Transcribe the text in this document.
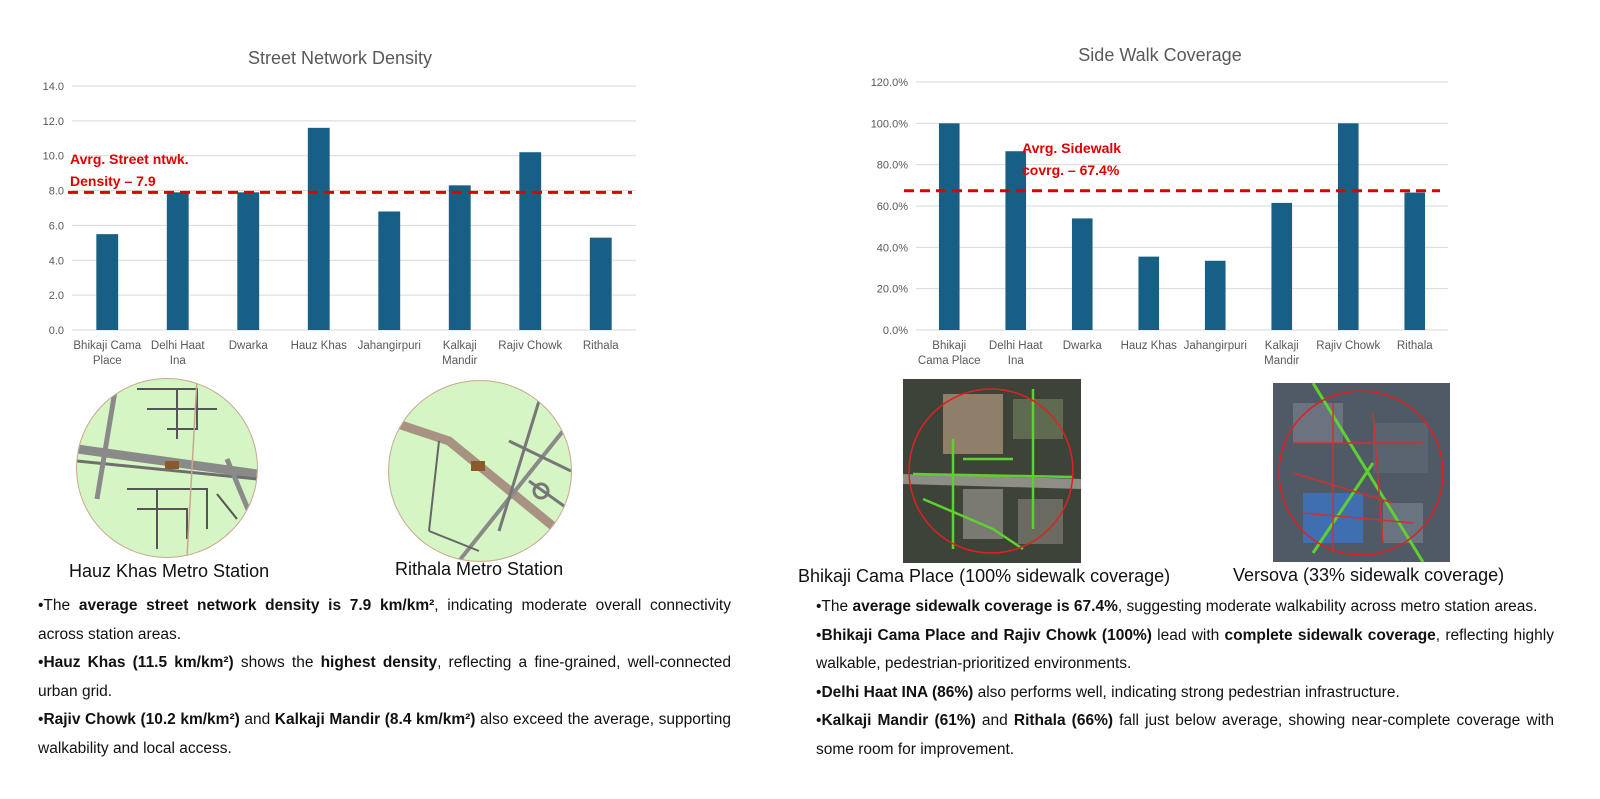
Street Network Density
0.0
2.0
4.0
6.0
8.0
10.0
12.0
14.0
Bhikaji Cama
Place
Delhi Haat
Ina
Dwarka Hauz Khas Jahangirpuri Kalkaji
Mandir
Rajiv Chowk Rithala
Avrg. Street ntwk.
Density – 7.9
Side Walk Coverage
0.0%
20.0%
40.0%
60.0%
80.0%
100.0%
120.0%
Bhikaji
Cama Place
Delhi Haat
Ina
Dwarka Hauz Khas Jahangirpuri Kalkaji
Mandir
Rajiv Chowk Rithala
Avrg. Sidewalk
covrg. – 67.4%
Hauz Khas Metro Station	Rithala Metro Station	Bhikaji Cama Place (100% sidewalk coverage)	Versova (33% sidewalk coverage)

•The average street network density is 7.9 km/km², indicating moderate overall connectivity across station areas.

•Hauz Khas (11.5 km/km²) shows the highest density, reflecting a fine-grained, well-connected urban grid.

•Rajiv Chowk (10.2 km/km²) and Kalkaji Mandir (8.4 km/km²) also exceed the average, supporting walkability and local access.

•The average sidewalk coverage is 67.4%, suggesting moderate walkability across metro station areas.

•Bhikaji Cama Place and Rajiv Chowk (100%) lead with complete sidewalk coverage, reflecting highly walkable, pedestrian-prioritized environments.

•Delhi Haat INA (86%) also performs well, indicating strong pedestrian infrastructure.

•Kalkaji Mandir (61%) and Rithala (66%) fall just below average, showing near-complete coverage with some room for improvement.
